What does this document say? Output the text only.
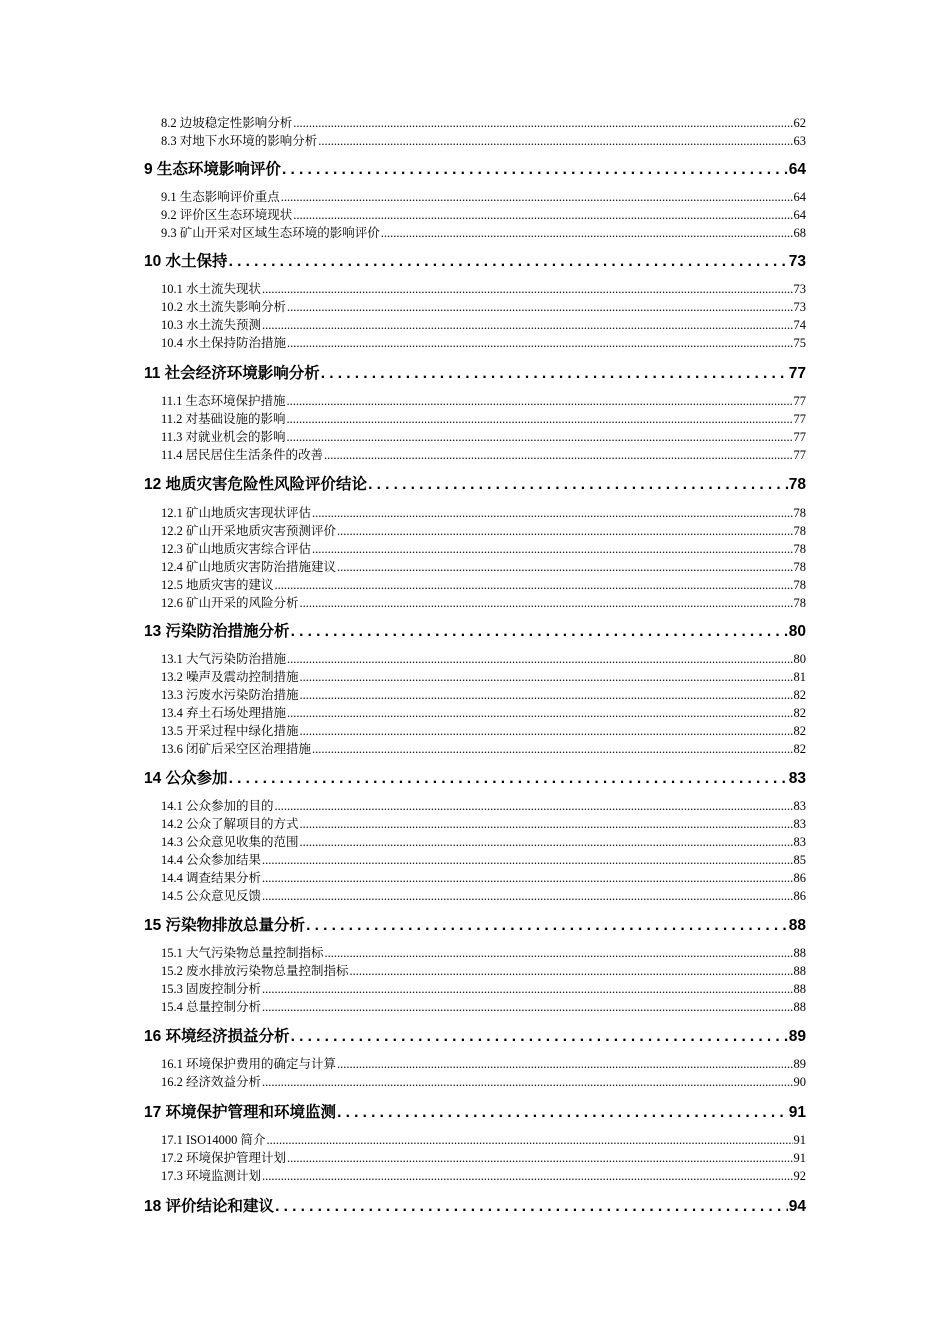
8.2 边坡稳定性影响分析 .....	62
8.3 对地下水环境的影响分析 .....	63
9 生态环境影响评价 .....	64
9.1 生态影响评价重点 .....	64
9.2 评价区生态环境现状 .....	64
9.3 矿山开采对区域生态环境的影响评价 .....	68
10 水土保持 .....	73
10.1 水土流失现状 .....	73
10.2 水土流失影响分析 .....	73
10.3 水土流失预测 .....	74
10.4 水土保持防治措施 .....	75
11 社会经济环境影响分析 .....	77
11.1 生态环境保护措施 .....	77
11.2 对基础设施的影响 .....	77
11.3 对就业机会的影响 .....	77
11.4 居民居住生活条件的改善 .....	77
12 地质灾害危险性风险评价结论 .....	78
12.1 矿山地质灾害现状评估 .....	78
12.2 矿山开采地质灾害预测评价 .....	78
12.3 矿山地质灾害综合评估 .....	78
12.4 矿山地质灾害防治措施建议 .....	78
12.5 地质灾害的建议 .....	78
12.6 矿山开采的风险分析 .....	78
13 污染防治措施分析 .....	80
13.1 大气污染防治措施 .....	80
13.2 噪声及震动控制措施 .....	81
13.3 污废水污染防治措施 .....	82
13.4 弃土石场处理措施 .....	82
13.5 开采过程中绿化措施 .....	82
13.6 闭矿后采空区治理措施 .....	82
14 公众参加 .....	83
14.1 公众参加的目的 .....	83
14.2 公众了解项目的方式 .....	83
14.3 公众意见收集的范围 .....	83
14.4 公众参加结果 .....	85
14.4 调查结果分析 .....	86
14.5 公众意见反馈 .....	86
15 污染物排放总量分析 .....	88
15.1 大气污染物总量控制指标 .....	88
15.2 废水排放污染物总量控制指标 .....	88
15.3 固废控制分析 .....	88
15.4 总量控制分析 .....	88
16 环境经济损益分析 .....	89
16.1 环境保护费用的确定与计算 .....	89
16.2 经济效益分析 .....	90
17 环境保护管理和环境监测 .....	91
17.1 ISO14000 简介 .....	91
17.2 环境保护管理计划 .....	91
17.3 环境监测计划 .....	92
18 评价结论和建议 .....	94
